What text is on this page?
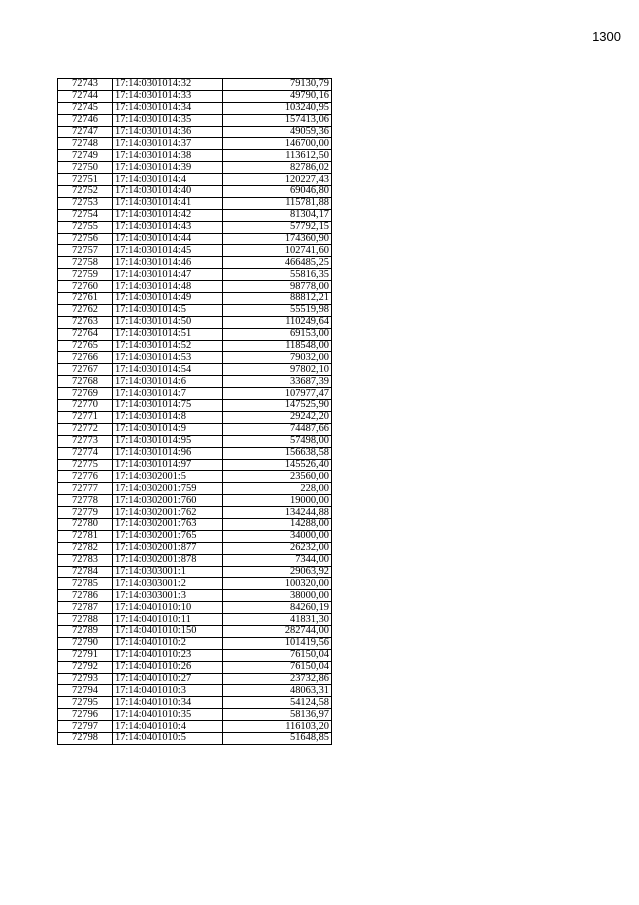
1300
72743	17:14:0301014:32	79130,79
72744	17:14:0301014:33	49790,16
72745	17:14:0301014:34	103240,95
72746	17:14:0301014:35	157413,06
72747	17:14:0301014:36	49059,36
72748	17:14:0301014:37	146700,00
72749	17:14:0301014:38	113612,50
72750	17:14:0301014:39	82786,02
72751	17:14:0301014:4	120227,43
72752	17:14:0301014:40	69046,80
72753	17:14:0301014:41	115781,88
72754	17:14:0301014:42	81304,17
72755	17:14:0301014:43	57792,15
72756	17:14:0301014:44	174360,90
72757	17:14:0301014:45	102741,60
72758	17:14:0301014:46	466485,25
72759	17:14:0301014:47	55816,35
72760	17:14:0301014:48	98778,00
72761	17:14:0301014:49	88812,21
72762	17:14:0301014:5	55519,98
72763	17:14:0301014:50	110249,64
72764	17:14:0301014:51	69153,00
72765	17:14:0301014:52	118548,00
72766	17:14:0301014:53	79032,00
72767	17:14:0301014:54	97802,10
72768	17:14:0301014:6	33687,39
72769	17:14:0301014:7	107977,47
72770	17:14:0301014:75	147525,90
72771	17:14:0301014:8	29242,20
72772	17:14:0301014:9	74487,66
72773	17:14:0301014:95	57498,00
72774	17:14:0301014:96	156638,58
72775	17:14:0301014:97	145526,40
72776	17:14:0302001:5	23560,00
72777	17:14:0302001:759	228,00
72778	17:14:0302001:760	19000,00
72779	17:14:0302001:762	134244,88
72780	17:14:0302001:763	14288,00
72781	17:14:0302001:765	34000,00
72782	17:14:0302001:877	26232,00
72783	17:14:0302001:878	7344,00
72784	17:14:0303001:1	29063,92
72785	17:14:0303001:2	100320,00
72786	17:14:0303001:3	38000,00
72787	17:14:0401010:10	84260,19
72788	17:14:0401010:11	41831,30
72789	17:14:0401010:150	282744,00
72790	17:14:0401010:2	101419,56
72791	17:14:0401010:23	76150,04
72792	17:14:0401010:26	76150,04
72793	17:14:0401010:27	23732,86
72794	17:14:0401010:3	48063,31
72795	17:14:0401010:34	54124,58
72796	17:14:0401010:35	58136,97
72797	17:14:0401010:4	116103,20
72798	17:14:0401010:5	51648,85
